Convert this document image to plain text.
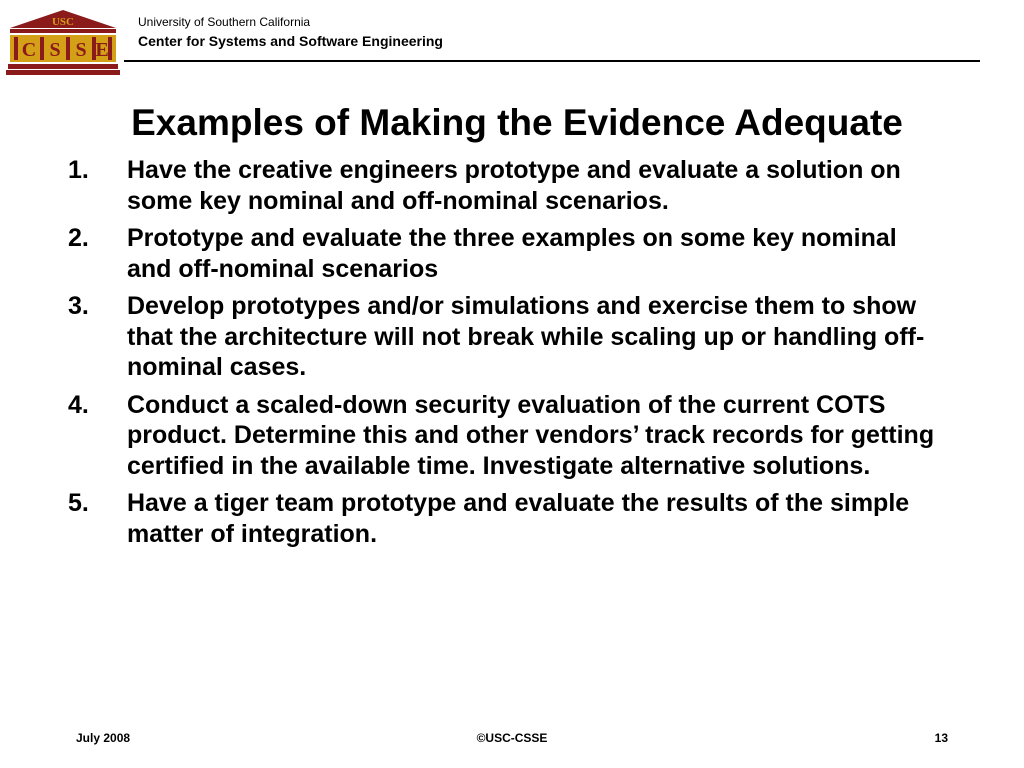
USC
C S S E
University of Southern California
Center for Systems and Software Engineering
Examples of Making the Evidence Adequate
1. Have the creative engineers prototype and evaluate a solution on some key nominal and off-nominal scenarios.
2. Prototype and evaluate the three examples on some key nominal and off-nominal scenarios
3. Develop prototypes and/or simulations and exercise them to show that the architecture will not break while scaling up or handling off-nominal cases.
4. Conduct a scaled-down security evaluation of the current COTS product. Determine this and other vendors’ track records for getting certified in the available time. Investigate alternative solutions.
5. Have a tiger team prototype and evaluate the results of the simple matter of integration.
July 2008	©USC-CSSE	13
